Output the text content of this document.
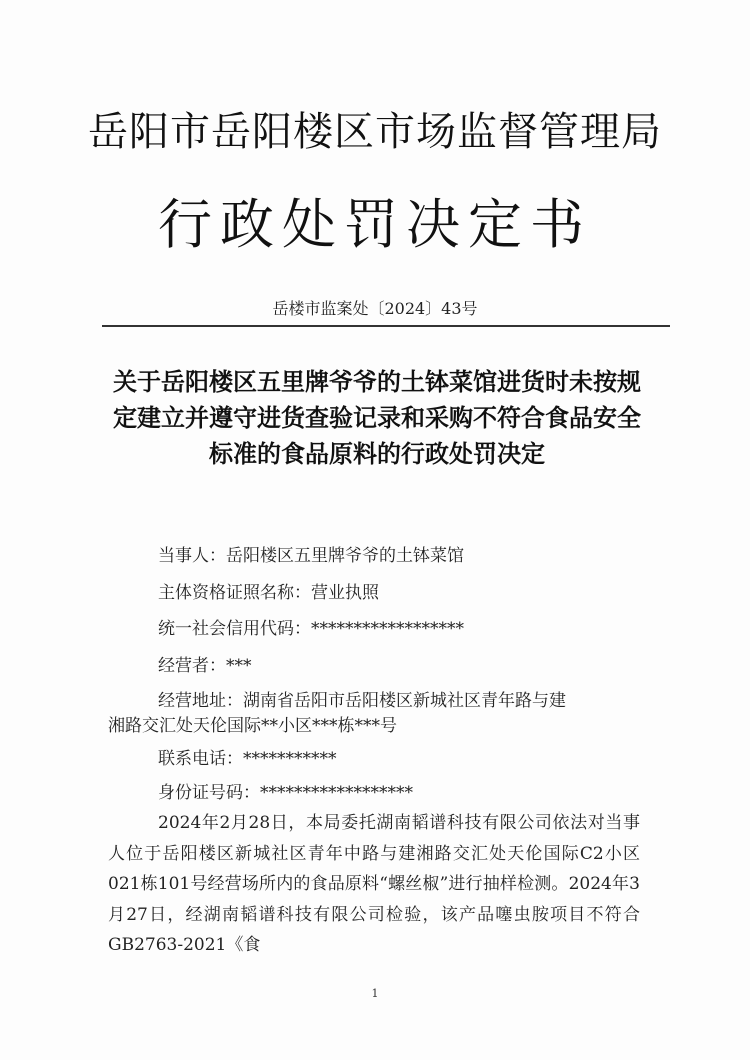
岳阳市岳阳楼区市场监督管理局
行政处罚决定书
岳楼市监案处〔2024〕43号
关于岳阳楼区五里牌爷爷的土钵菜馆进货时未按规定建立并遵守进货查验记录和采购不符合食品安全标准的食品原料的行政处罚决定
当事人：岳阳楼区五里牌爷爷的土钵菜馆
主体资格证照名称：营业执照
统一社会信用代码：******************
经营者：***
经营地址：湖南省岳阳市岳阳楼区新城社区青年路与建
湘路交汇处天伦国际**小区***栋***号
联系电话：***********
身份证号码：******************
2024年2月28日，本局委托湖南韬谱科技有限公司依法对当事人位于岳阳楼区新城社区青年中路与建湘路交汇处天伦国际C2小区021栋101号经营场所内的食品原料“螺丝椒”进行抽样检测。2024年3月27日，经湖南韬谱科技有限公司检验，该产品噻虫胺项目不符合GB2763-2021《食
1
